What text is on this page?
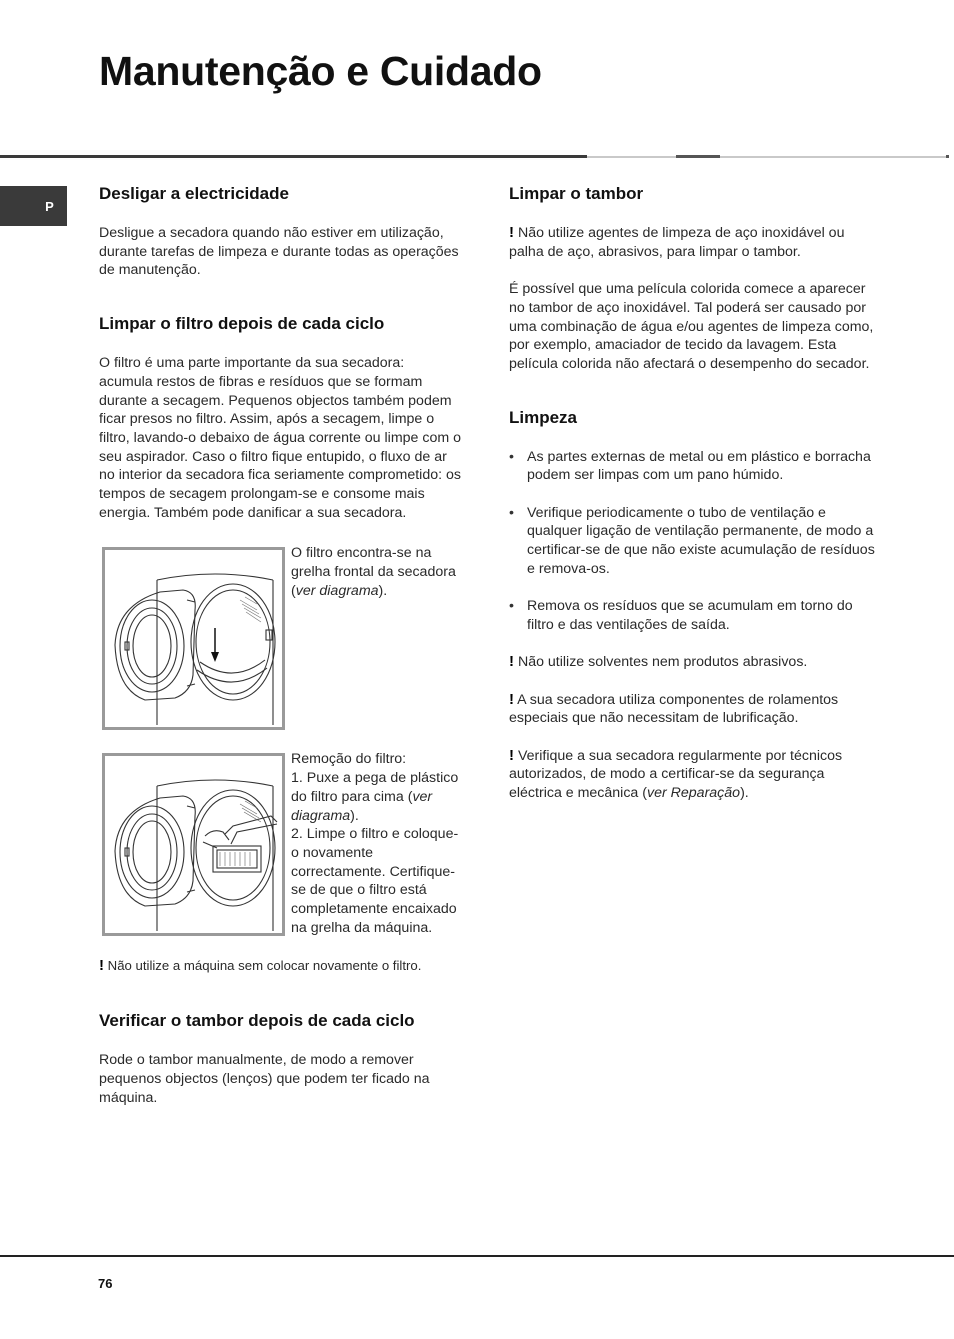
Manutenção e Cuidado
P
Desligar a electricidade

Desligue a secadora quando não estiver em utilização, durante tarefas de limpeza e durante todas as operações de manutenção.

Limpar o filtro depois de cada ciclo

O filtro é uma parte importante da sua secadora: acumula restos de fibras e resíduos que se formam durante a secagem. Pequenos objectos também podem ficar presos no filtro. Assim, após a secagem, limpe o filtro, lavando-o debaixo de água corrente ou limpe com o seu aspirador. Caso o filtro fique entupido, o fluxo de ar no interior da secadora fica seriamente comprometido: os tempos de secagem prolongam-se e consome mais energia. Também pode danificar a sua secadora.

O filtro encontra-se na grelha frontal da secadora (ver diagrama).

Remoção do filtro:

1. Puxe a pega de plástico do filtro para cima (ver diagrama).

2. Limpe o filtro e coloque-o novamente correctamente. Certifique-se de que o filtro está completamente encaixado na grelha da máquina.

! Não utilize a máquina sem colocar novamente o filtro.

Verificar o tambor depois de cada ciclo

Rode o tambor manualmente, de modo a remover pequenos objectos (lenços) que podem ter ficado na máquina.

Limpar o tambor

! Não utilize agentes de limpeza de aço inoxidável ou palha de aço, abrasivos, para limpar o tambor.

É possível que uma película colorida comece a aparecer no tambor de aço inoxidável. Tal poderá ser causado por uma combinação de água e/ou agentes de limpeza como, por exemplo, amaciador de tecido da lavagem. Esta película colorida não afectará o desempenho do secador.

Limpeza
• As partes externas de metal ou em plástico e borracha podem ser limpas com um pano húmido.
• Verifique periodicamente o tubo de ventilação e qualquer ligação de ventilação permanente, de modo a certificar-se de que não existe acumulação de resíduos e remova-os.
• Remova os resíduos que se acumulam em torno do filtro e das ventilações de saída.

! Não utilize solventes nem produtos abrasivos.

! A sua secadora utiliza componentes de rolamentos especiais que não necessitam de lubrificação.

! Verifique a sua secadora regularmente por técnicos autorizados, de modo a certificar-se da segurança eléctrica e mecânica (ver Reparação).

76
